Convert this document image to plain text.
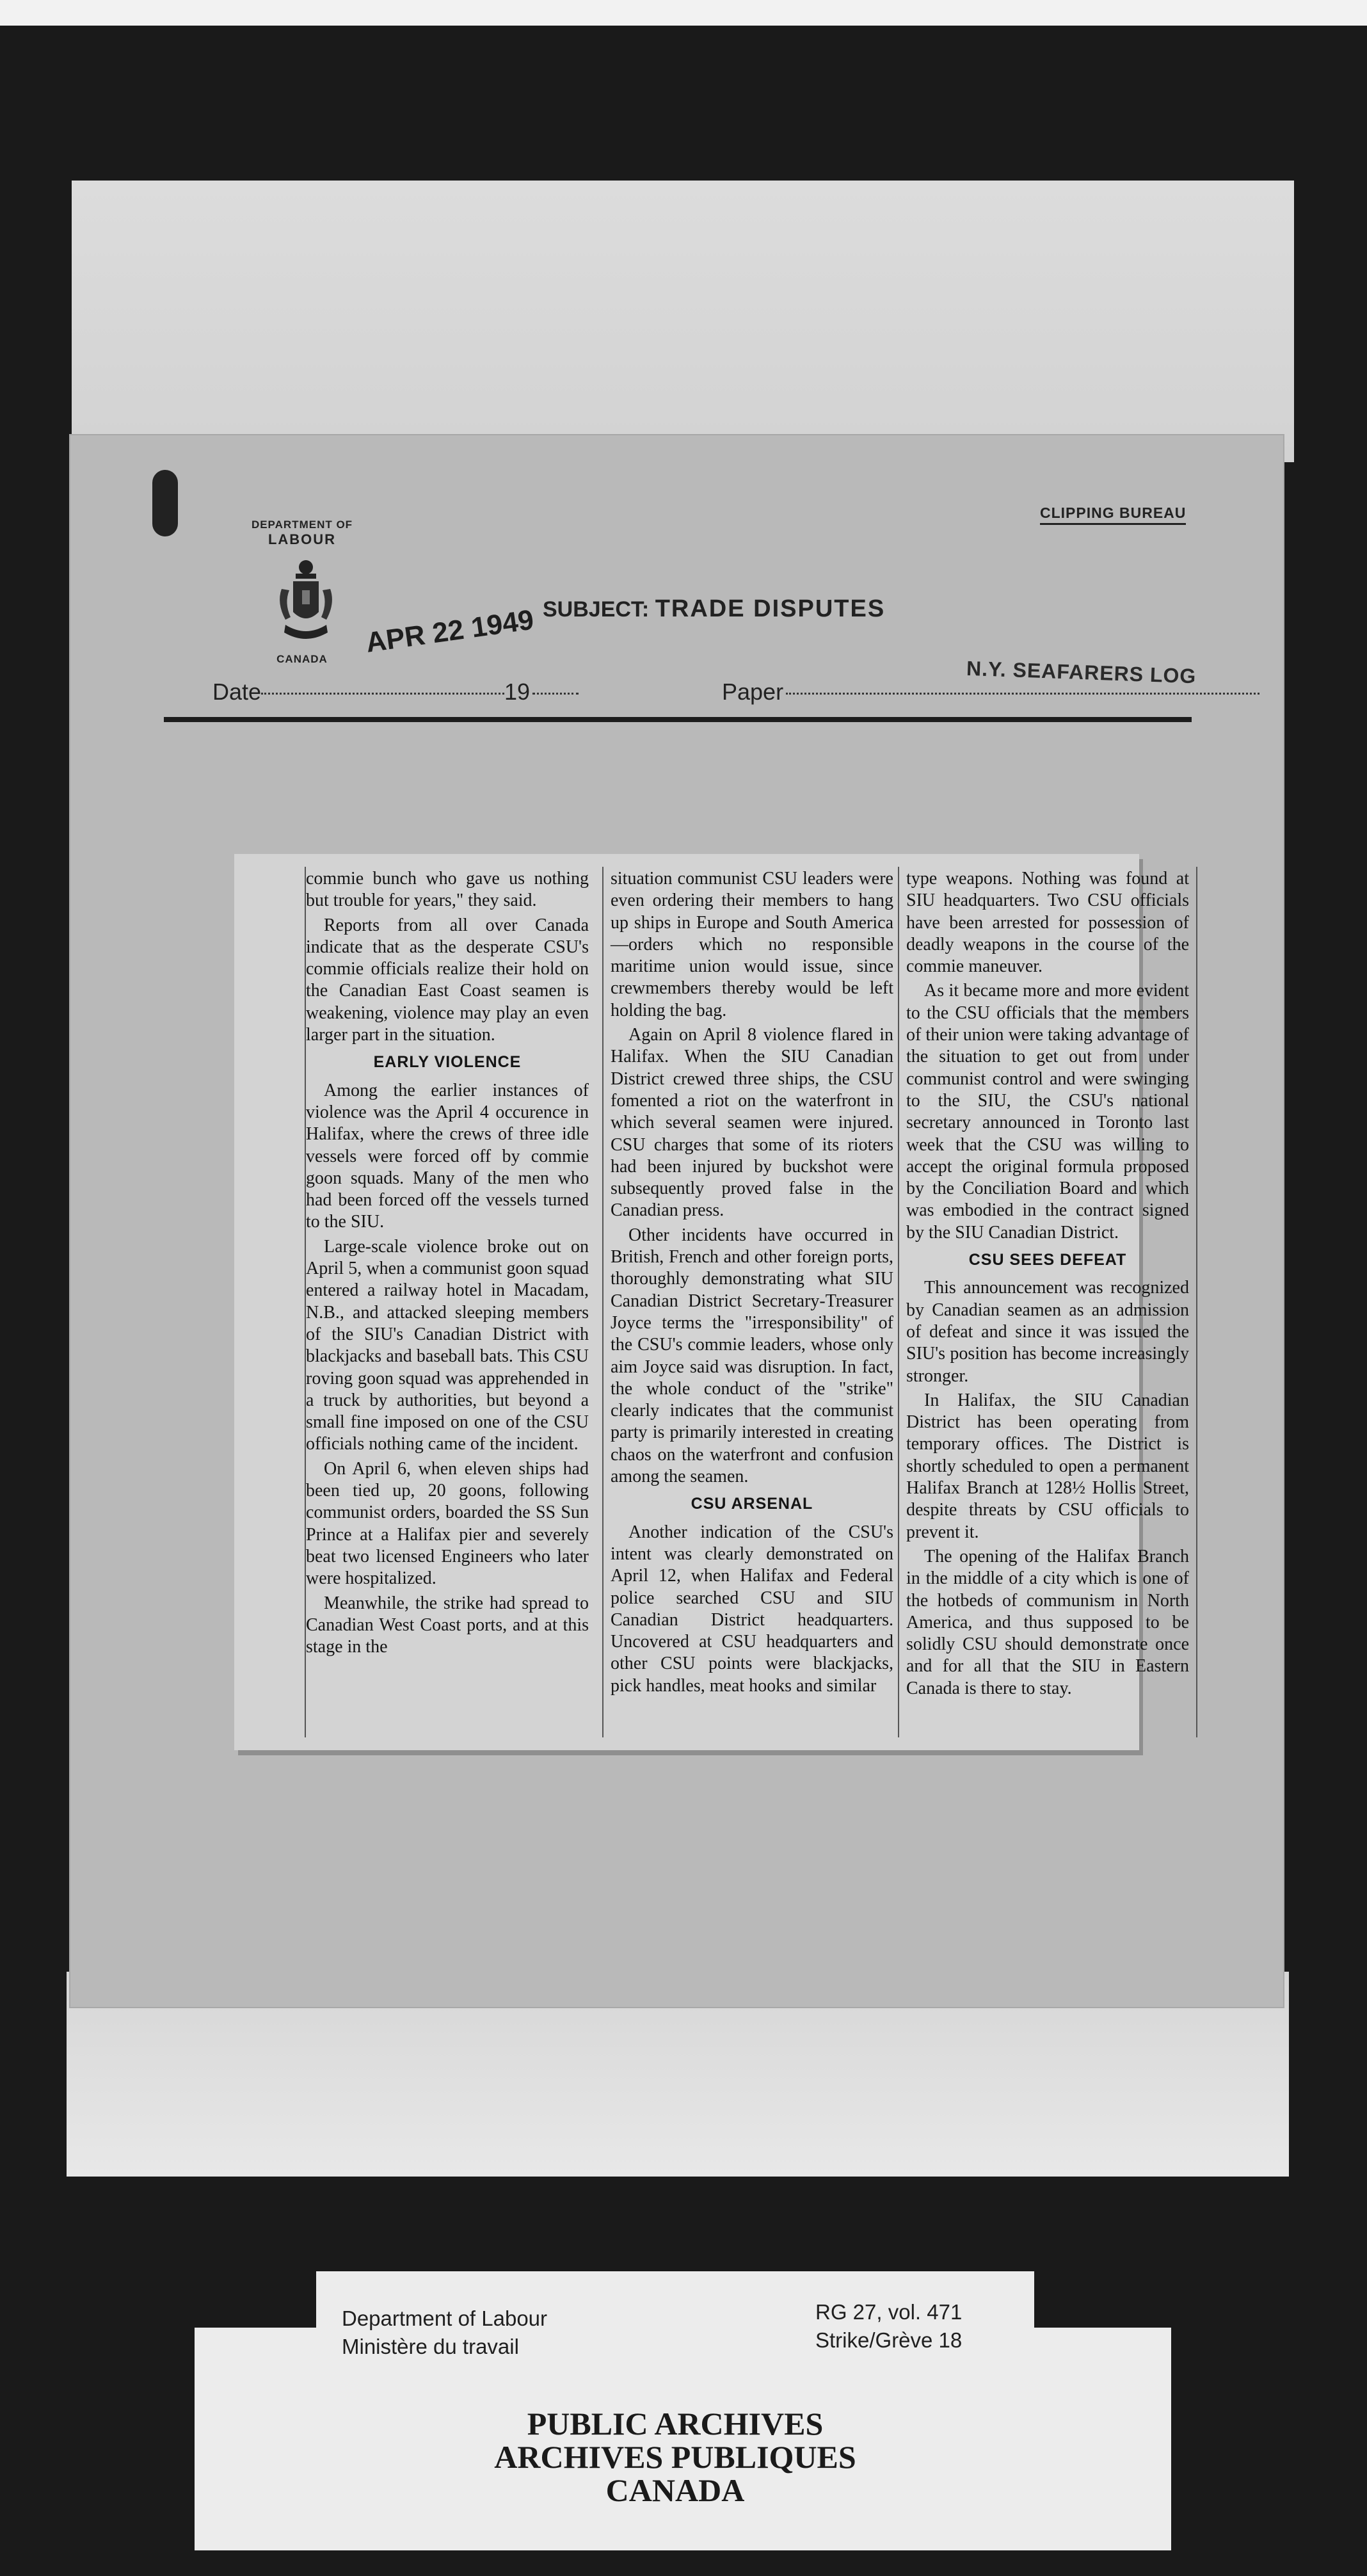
DEPARTMENT OF
LABOUR
CANADA
CLIPPING BUREAU
SUBJECT: TRADE DISPUTES
APR 22 1949
Date	19	Paper
N.Y. SEAFARERS LOG

commie bunch who gave us nothing but trouble for years," they said.

Reports from all over Canada indicate that as the desperate CSU's commie officials realize their hold on the Canadian East Coast seamen is weakening, violence may play an even larger part in the situation.

EARLY VIOLENCE

Among the earlier instances of violence was the April 4 occurence in Halifax, where the crews of three idle vessels were forced off by commie goon squads. Many of the men who had been forced off the vessels turned to the SIU.

Large-scale violence broke out on April 5, when a communist goon squad entered a railway hotel in Macadam, N.B., and attacked sleeping members of the SIU's Canadian District with blackjacks and baseball bats. This CSU roving goon squad was apprehended in a truck by authorities, but beyond a small fine imposed on one of the CSU officials nothing came of the incident.

On April 6, when eleven ships had been tied up, 20 goons, following communist orders, boarded the SS Sun Prince at a Halifax pier and severely beat two licensed Engineers who later were hospitalized.

Meanwhile, the strike had spread to Canadian West Coast ports, and at this stage in the

situation communist CSU leaders were even ordering their members to hang up ships in Europe and South America—orders which no responsible maritime union would issue, since crewmembers thereby would be left holding the bag.

Again on April 8 violence flared in Halifax. When the SIU Canadian District crewed three ships, the CSU fomented a riot on the waterfront in which several seamen were injured. CSU charges that some of its rioters had been injured by buckshot were subsequently proved false in the Canadian press.

Other incidents have occurred in British, French and other foreign ports, thoroughly demonstrating what SIU Canadian District Secretary-Treasurer Joyce terms the "irresponsibility" of the CSU's commie leaders, whose only aim Joyce said was disruption. In fact, the whole conduct of the "strike" clearly indicates that the communist party is primarily interested in creating chaos on the waterfront and confusion among the seamen.

CSU ARSENAL

Another indication of the CSU's intent was clearly demonstrated on April 12, when Halifax and Federal police searched CSU and SIU Canadian District headquarters. Uncovered at CSU headquarters and other CSU points were blackjacks, pick handles, meat hooks and similar

type weapons. Nothing was found at SIU headquarters. Two CSU officials have been arrested for possession of deadly weapons in the course of the commie maneuver.

As it became more and more evident to the CSU officials that the members of their union were taking advantage of the situation to get out from under communist control and were swinging to the SIU, the CSU's national secretary announced in Toronto last week that the CSU was willing to accept the original formula proposed by the Conciliation Board and which was embodied in the contract signed by the SIU Canadian District.

CSU SEES DEFEAT

This announcement was recognized by Canadian seamen as an admission of defeat and since it was issued the SIU's position has become increasingly stronger.

In Halifax, the SIU Canadian District has been operating from temporary offices. The District is shortly scheduled to open a permanent Halifax Branch at 128½ Hollis Street, despite threats by CSU officials to prevent it.

The opening of the Halifax Branch in the middle of a city which is one of the hotbeds of communism in North America, and thus supposed to be solidly CSU should demonstrate once and for all that the SIU in Eastern Canada is there to stay.

Department of Labour
Ministère du travail
RG 27, vol. 471
Strike/Grève 18
PUBLIC ARCHIVES
ARCHIVES PUBLIQUES
CANADA
